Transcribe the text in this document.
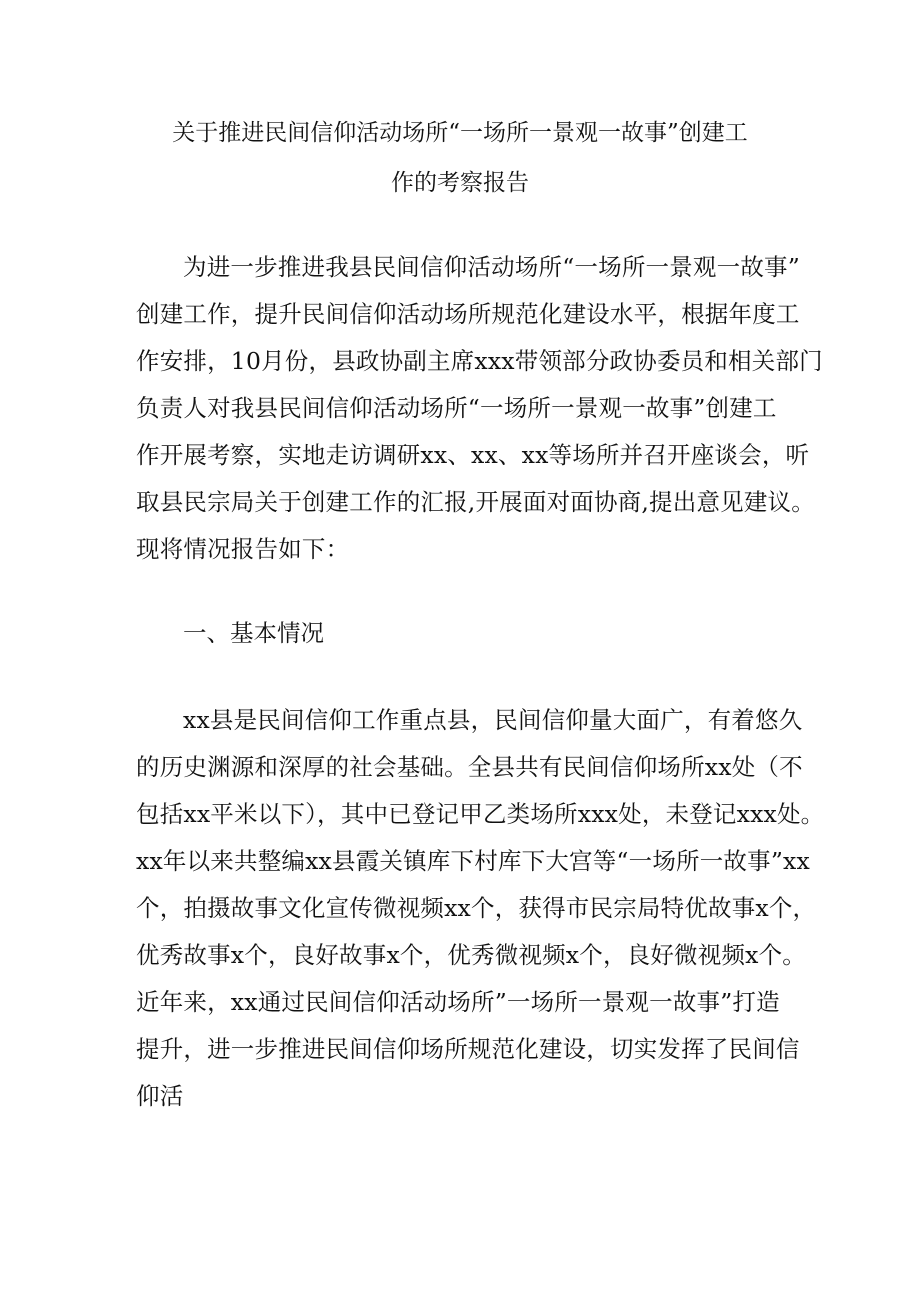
关于推进民间信仰活动场所“一场所一景观一故事”创建工
作的考察报告
为进一步推进我县民间信仰活动场所“一场所一景观一故事”
创建工作，提升民间信仰活动场所规范化建设水平，根据年度工
作安排，10月份，县政协副主席xxx带领部分政协委员和相关部门
负责人对我县民间信仰活动场所“一场所一景观一故事”创建工
作开展考察，实地走访调研xx、xx、xx等场所并召开座谈会，听
取县民宗局关于创建工作的汇报,开展面对面协商,提出意见建议。
现将情况报告如下：
一、基本情况
xx县是民间信仰工作重点县，民间信仰量大面广，有着悠久
的历史渊源和深厚的社会基础。全县共有民间信仰场所xx处（不
包括xx平米以下），其中已登记甲乙类场所xxx处，未登记xxx处。
xx年以来共整编xx县霞关镇库下村库下大宫等“一场所一故事”xx
个，拍摄故事文化宣传微视频xx个，获得市民宗局特优故事x个，
优秀故事x个，良好故事x个，优秀微视频x个，良好微视频x个。
近年来，xx通过民间信仰活动场所”一场所一景观一故事”打造
提升，进一步推进民间信仰场所规范化建设，切实发挥了民间信
仰活
